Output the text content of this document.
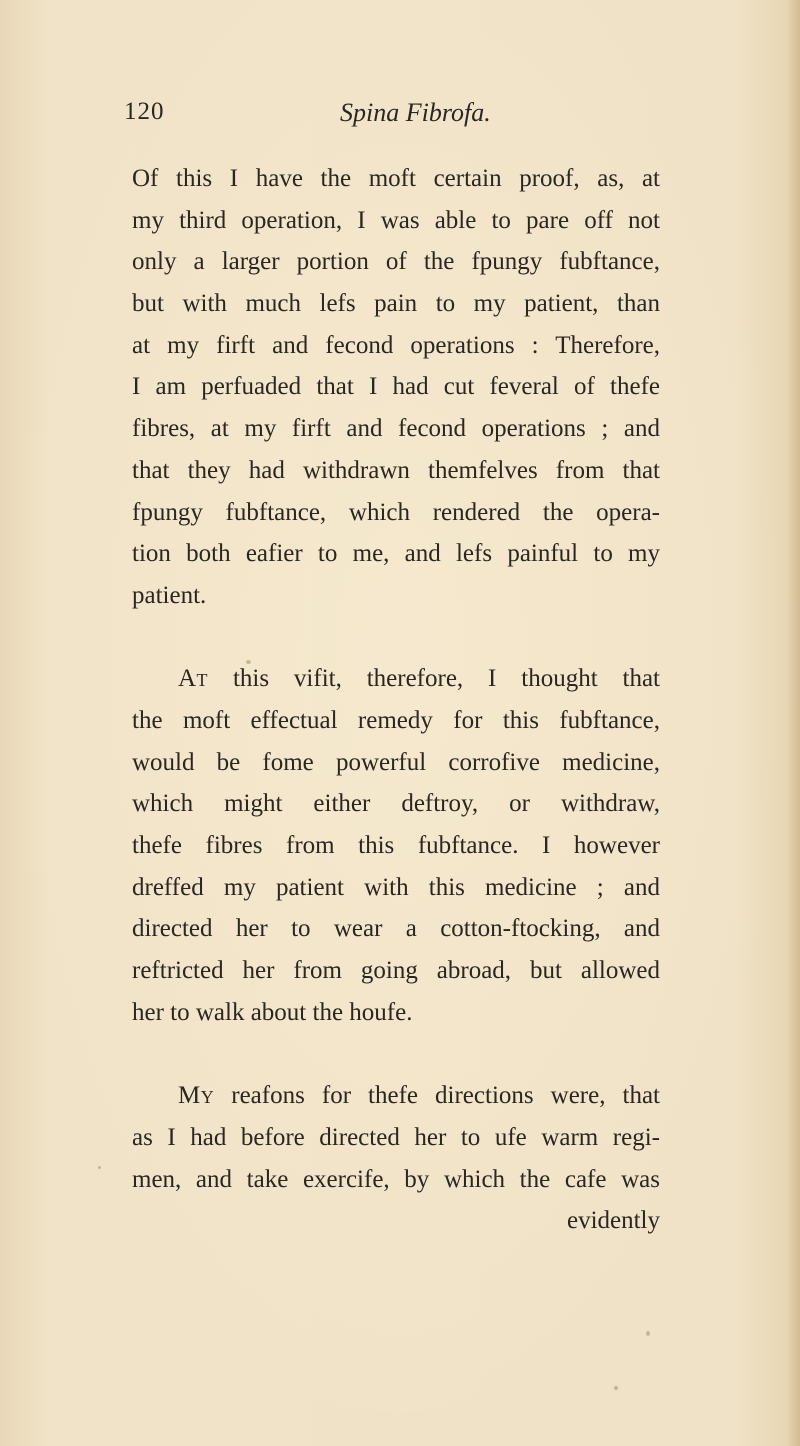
120	Spina Fibrofa.
Of this I have the moft certain proof, as, at
my third operation, I was able to pare off not
only a larger portion of the fpungy fubftance,
but with much lefs pain to my patient, than
at my firft and fecond operations : Therefore,
I am perfuaded that I had cut feveral of thefe
fibres, at my firft and fecond operations ; and
that they had withdrawn themfelves from that
fpungy fubftance, which rendered the opera-
tion both eafier to me, and lefs painful to my
patient.
At this vifit, therefore, I thought that
the moft effectual remedy for this fubftance,
would be fome powerful corrofive medicine,
which might either deftroy, or withdraw,
thefe fibres from this fubftance. I however
dreffed my patient with this medicine ; and
directed her to wear a cotton-ftocking, and
reftricted her from going abroad, but allowed
her to walk about the houfe.
My reafons for thefe directions were, that
as I had before directed her to ufe warm regi-
men, and take exercife, by which the cafe was
evidently
